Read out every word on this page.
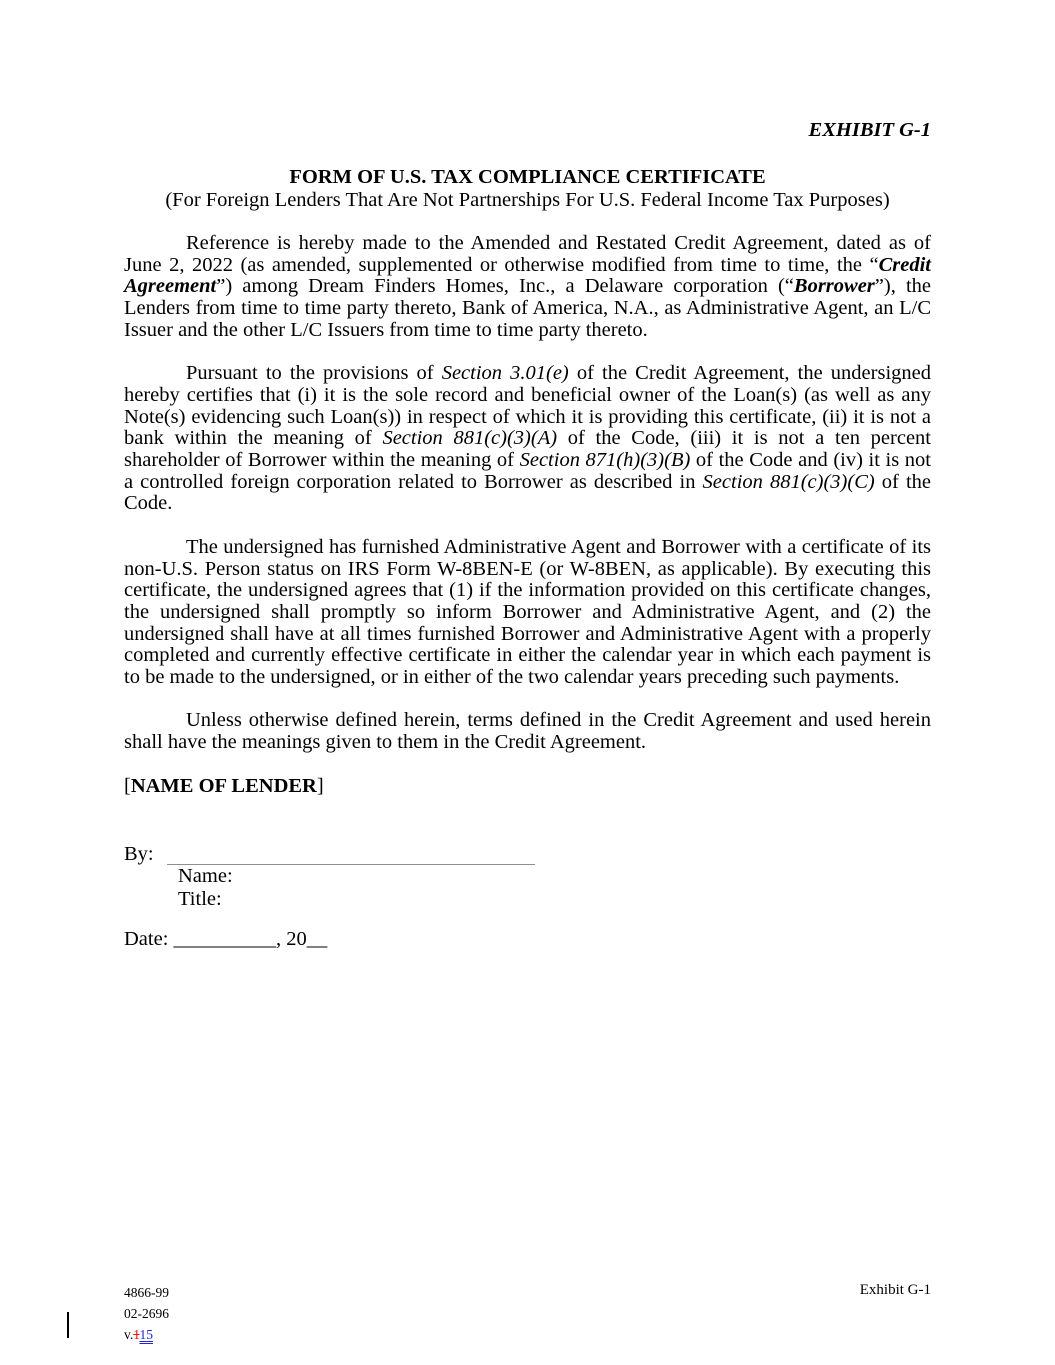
EXHIBIT G-1
FORM OF U.S. TAX COMPLIANCE CERTIFICATE
(For Foreign Lenders That Are Not Partnerships For U.S. Federal Income Tax Purposes)

Reference is hereby made to the Amended and Restated Credit Agreement, dated as of June 2, 2022 (as amended, supplemented or otherwise modified from time to time, the “Credit Agreement”) among Dream Finders Homes, Inc., a Delaware corporation (“Borrower”), the Lenders from time to time party thereto, Bank of America, N.A., as Administrative Agent, an L/C Issuer and the other L/C Issuers from time to time party thereto.

Pursuant to the provisions of Section 3.01(e) of the Credit Agreement, the undersigned hereby certifies that (i) it is the sole record and beneficial owner of the Loan(s) (as well as any Note(s) evidencing such Loan(s)) in respect of which it is providing this certificate, (ii) it is not a bank within the meaning of Section 881(c)(3)(A) of the Code, (iii) it is not a ten percent shareholder of Borrower within the meaning of Section 871(h)(3)(B) of the Code and (iv) it is not a controlled foreign corporation related to Borrower as described in Section 881(c)(3)(C) of the Code.

The undersigned has furnished Administrative Agent and Borrower with a certificate of its non-U.S. Person status on IRS Form W-8BEN-E (or W-8BEN, as applicable). By executing this certificate, the undersigned agrees that (1) if the information provided on this certificate changes, the undersigned shall promptly so inform Borrower and Administrative Agent, and (2) the undersigned shall have at all times furnished Borrower and Administrative Agent with a properly completed and currently effective certificate in either the calendar year in which each payment is to be made to the undersigned, or in either of the two calendar years preceding such payments.

Unless otherwise defined herein, terms defined in the Credit Agreement and used herein shall have the meanings given to them in the Credit Agreement.

[NAME OF LENDER]

By:
Name:
Title:
Date: __________, 20__
4866-99
02-2696
v.115
Exhibit G-1
